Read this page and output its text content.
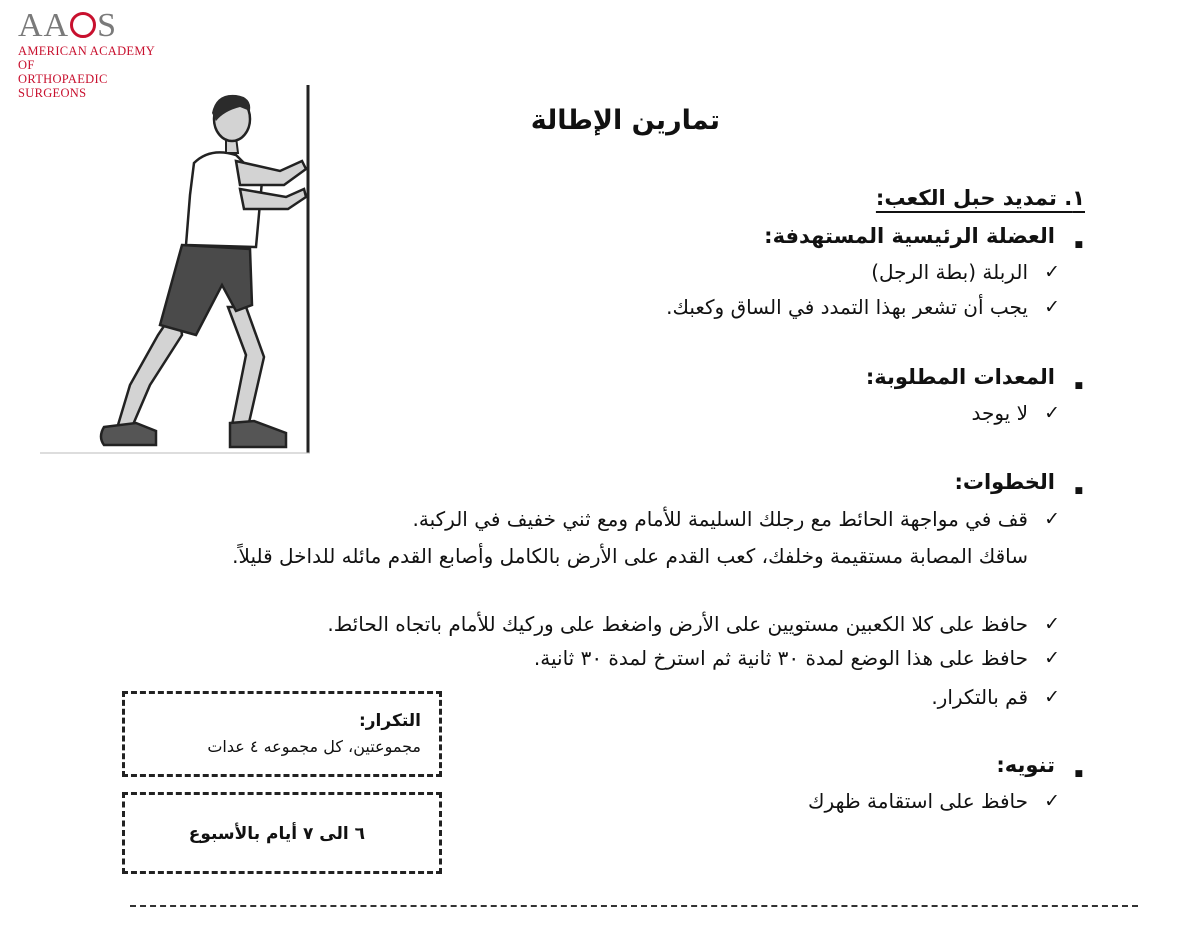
AA S
AMERICAN ACADEMY OF
ORTHOPAEDIC SURGEONS
تمارين الإطالة
١. تمديد حبل الكعب:
■ العضلة الرئيسية المستهدفة:
✓ الربلة (بطة الرجل)
✓ يجب أن تشعر بهذا التمدد في الساق وكعبك.
■ المعدات المطلوبة:
✓ لا يوجد
■ الخطوات:
✓ قف في مواجهة الحائط مع رجلك السليمة للأمام ومع ثني خفيف في الركبة.
ساقك المصابة مستقيمة وخلفك، كعب القدم على الأرض بالكامل وأصابع القدم مائله للداخل قليلاً.
✓ حافظ على كلا الكعبين مستويين على الأرض واضغط على وركيك للأمام باتجاه الحائط.
✓ حافظ على هذا الوضع لمدة ٣٠ ثانية ثم استرخ لمدة ٣٠ ثانية.
✓ قم بالتكرار.
■ تنويه:
✓ حافظ على استقامة ظهرك
التكرار:
مجموعتين، كل مجموعه ٤ عدات
٦ الى ٧ أيام بالأسبوع
